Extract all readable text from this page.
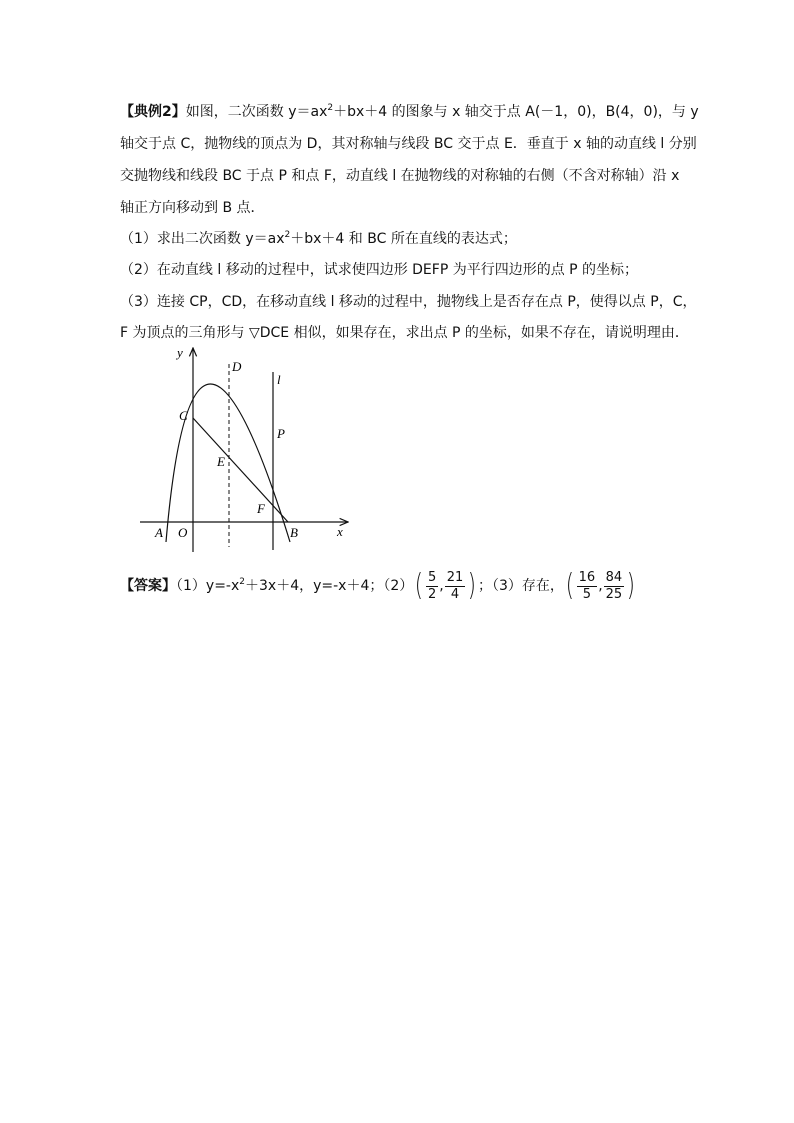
【典例2】如图，二次函数 $y=ax^2+bx+4$ 的图象与 x 轴交于点 A(－1，0)，B(4，0)，与 y
轴交于点 C，抛物线的顶点为 D，其对称轴与线段 BC 交于点 E．垂直于 x 轴的动直线 l 分别
交抛物线和线段 BC 于点 P 和点 F，动直线 l 在抛物线的对称轴的右侧（不含对称轴）沿 x
轴正方向移动到 B 点．
（1）求出二次函数 $y=ax^2+bx+4$ 和 BC 所在直线的表达式；
（2）在动直线 l 移动的过程中，试求使四边形 DEFP 为平行四边形的点 P 的坐标；
（3）连接 CP，CD，在移动直线 l 移动的过程中，抛物线上是否存在点 P，使得以点 P，C，
F 为顶点的三角形与 ▽DCE 相似，如果存在，求出点 P 的坐标，如果不存在，请说明理由．
y
x
O
A	B
C
D
E
F
P
l
【答案】$(1)y=-x^2+3x+4$，y=-x＋4；$(2)( \frac{5}{2}$ , $\frac{21}{4}$ ) ；（3）存在，( $\frac{16}{5}$ , $\frac{84}{25}$ )
